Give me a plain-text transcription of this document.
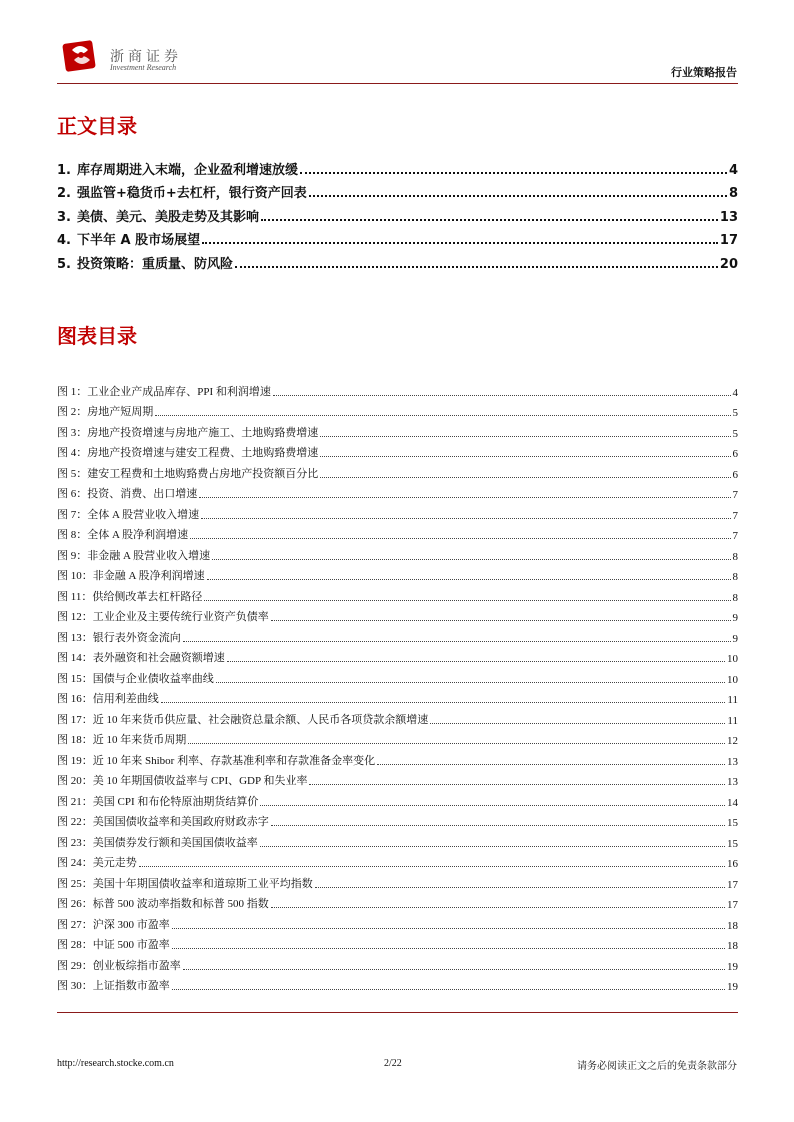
浙商证券
Investment Research	行业策略报告
正文目录
1. 库存周期进入末端，企业盈利增速放缓	4
2. 强监管+稳货币+去杠杆，银行资产回表	8
3. 美债、美元、美股走势及其影响	13
4. 下半年 A 股市场展望	17
5. 投资策略：重质量、防风险	20
图表目录
图 1：工业企业产成品库存、PPI 和利润增速	4
图 2：房地产短周期	5
图 3：房地产投资增速与房地产施工、土地购臵费增速	5
图 4：房地产投资增速与建安工程费、土地购臵费增速	6
图 5：建安工程费和土地购臵费占房地产投资额百分比	6
图 6：投资、消费、出口增速	7
图 7：全体 A 股营业收入增速	7
图 8：全体 A 股净利润增速	7
图 9：非金融 A 股营业收入增速	8
图 10：非金融 A 股净利润增速	8
图 11：供给侧改革去杠杆路径	8
图 12：工业企业及主要传统行业资产负债率	9
图 13：银行表外资金流向	9
图 14：表外融资和社会融资额增速	10
图 15：国债与企业债收益率曲线	10
图 16：信用利差曲线	11
图 17：近 10 年来货币供应量、社会融资总量余额、人民币各项贷款余额增速	11
图 18：近 10 年来货币周期	12
图 19：近 10 年来 Shibor 利率、存款基准利率和存款准备金率变化	13
图 20：美 10 年期国债收益率与 CPI、GDP 和失业率	13
图 21：美国 CPI 和布伦特原油期货结算价	14
图 22：美国国债收益率和美国政府财政赤字	15
图 23：美国债券发行额和美国国债收益率	15
图 24：美元走势	16
图 25：美国十年期国债收益率和道琼斯工业平均指数	17
图 26：标普 500 波动率指数和标普 500 指数	17
图 27：沪深 300 市盈率	18
图 28：中证 500 市盈率	18
图 29：创业板综指市盈率	19
图 30：上证指数市盈率	19
http://research.stocke.com.cn	2/22	请务必阅读正文之后的免责条款部分
